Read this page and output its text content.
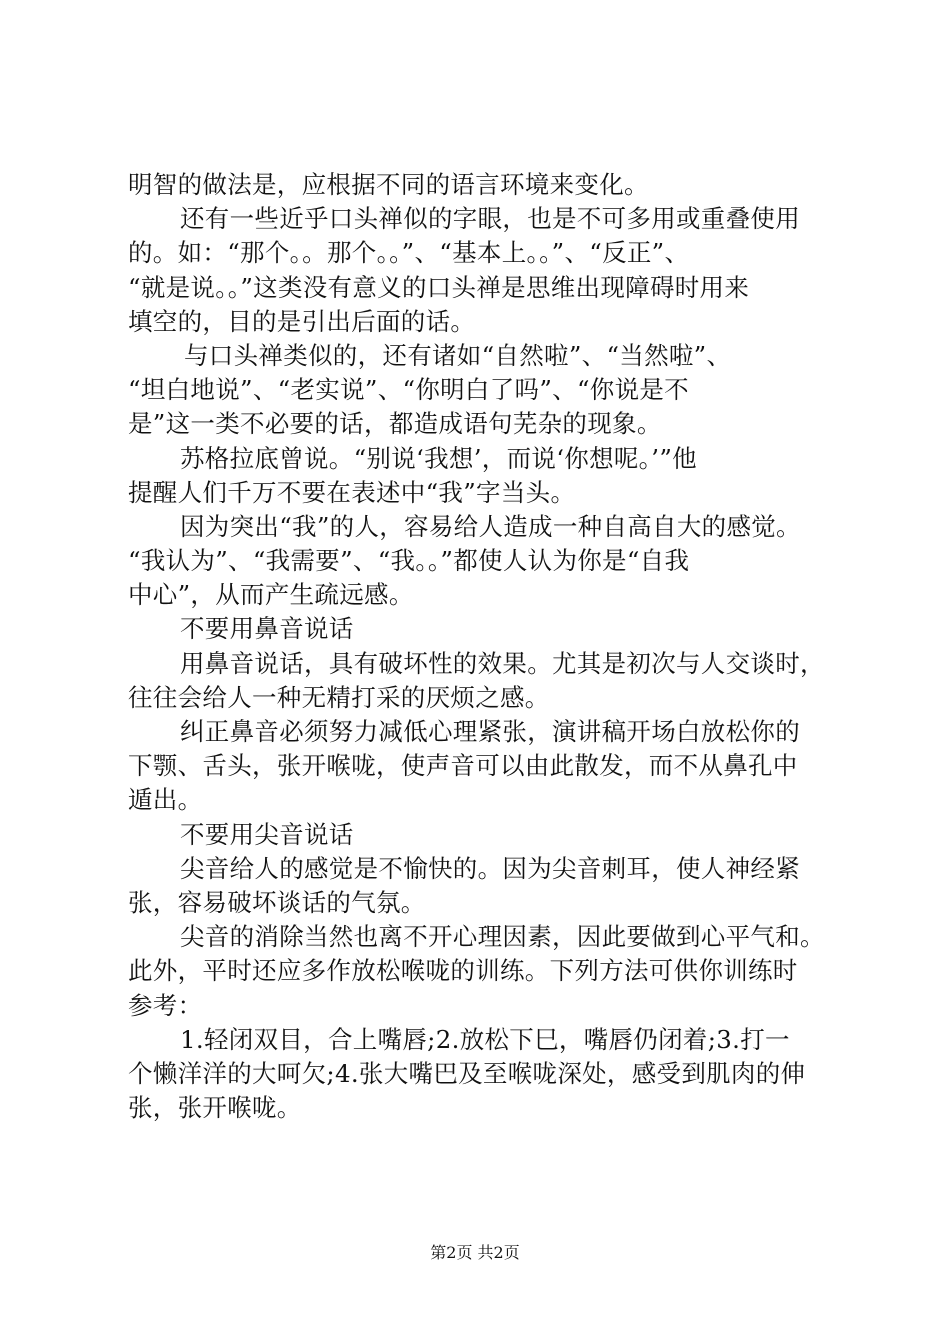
明智的做法是，应根据不同的语言环境来变化。
还有一些近乎口头禅似的字眼，也是不可多用或重叠使用
的。如：“那个。。那个。。”、“基本上。。”、“反正”、
“就是说。。”这类没有意义的口头禅是思维出现障碍时用来
填空的，目的是引出后面的话。
与口头禅类似的，还有诸如“自然啦”、“当然啦”、
“坦白地说”、“老实说”、“你明白了吗”、“你说是不
是”这一类不必要的话，都造成语句芜杂的现象。
苏格拉底曾说。“别说‘我想’，而说‘你想呢。’”他
提醒人们千万不要在表述中“我”字当头。
因为突出“我”的人，容易给人造成一种自高自大的感觉。
“我认为”、“我需要”、“我。。”都使人认为你是“自我
中心”，从而产生疏远感。
不要用鼻音说话
用鼻音说话，具有破坏性的效果。尤其是初次与人交谈时，
往往会给人一种无精打采的厌烦之感。
纠正鼻音必须努力减低心理紧张，演讲稿开场白放松你的
下颚、舌头，张开喉咙，使声音可以由此散发，而不从鼻孔中
遁出。
不要用尖音说话
尖音给人的感觉是不愉快的。因为尖音刺耳，使人神经紧
张，容易破坏谈话的气氛。
尖音的消除当然也离不开心理因素，因此要做到心平气和。
此外，平时还应多作放松喉咙的训练。下列方法可供你训练时
参考：
1.轻闭双目，合上嘴唇;2.放松下巳，嘴唇仍闭着;3.打一
个懒洋洋的大呵欠;4.张大嘴巴及至喉咙深处，感受到肌肉的伸
张，张开喉咙。
第2页 共2页
